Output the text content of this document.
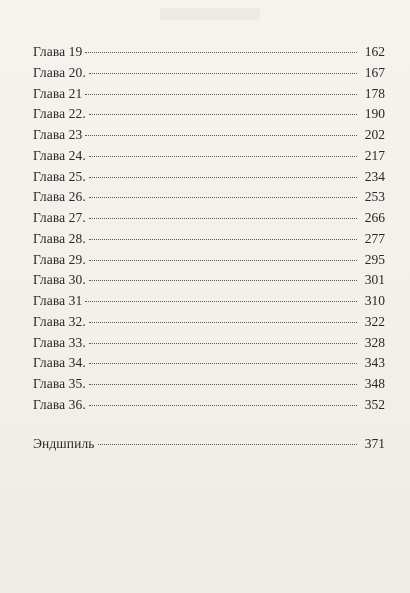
Глава 19	162
Глава 20.	167
Глава 21	178
Глава 22.	190
Глава 23	202
Глава 24.	217
Глава 25.	234
Глава 26.	253
Глава 27.	266
Глава 28.	277
Глава 29.	295
Глава 30.	301
Глава 31	310
Глава 32.	322
Глава 33.	328
Глава 34.	343
Глава 35.	348
Глава 36.	352
Эндшпиль	371
